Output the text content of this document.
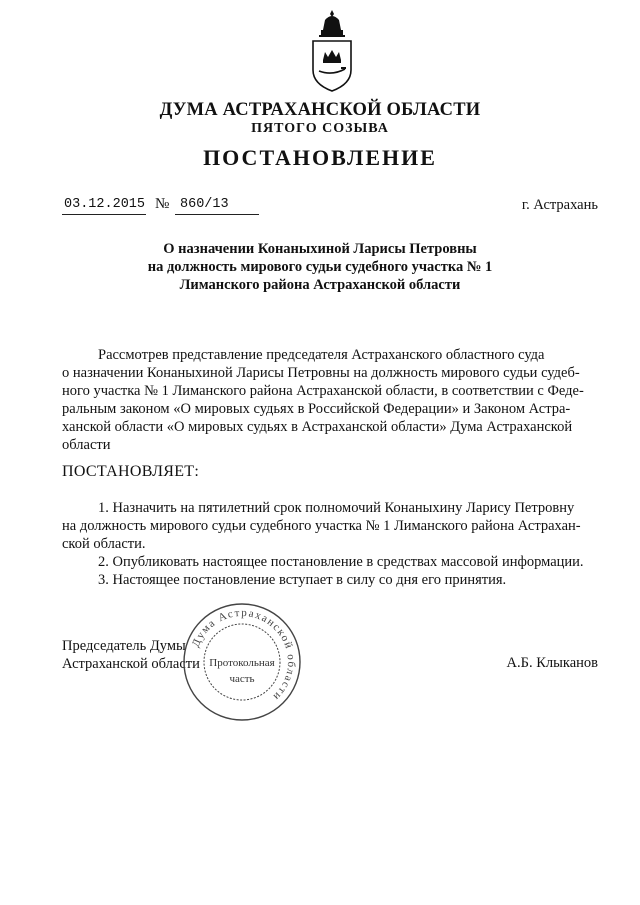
ДУМА АСТРАХАНСКОЙ ОБЛАСТИ
ПЯТОГО СОЗЫВА
ПОСТАНОВЛЕНИЕ
03.12.2015 № 860/13	г. Астрахань
О назначении Конаныхиной Ларисы Петровны
на должность мирового судьи судебного участка № 1
Лиманского района Астраханской области
Рассмотрев представление председателя Астраханского областного суда
о назначении Конаныхиной Ларисы Петровны на должность мирового судьи судеб-
ного участка № 1 Лиманского района Астраханской области, в соответствии с Феде-
ральным законом «О мировых судьях в Российской Федерации» и Законом Астра-
ханской области «О мировых судьях в Астраханской области» Дума Астраханской
области
ПОСТАНОВЛЯЕТ:
1. Назначить на пятилетний срок полномочий Конаныхину Ларису Петровну
на должность мирового судьи судебного участка № 1 Лиманского района Астрахан-
ской области.
2. Опубликовать настоящее постановление в средствах массовой информации.
3. Настоящее постановление вступает в силу со дня его принятия.
Председатель Думы
Астраханской области	А.Б. Клыканов
Дума Астраханской области
Протокольная
часть
